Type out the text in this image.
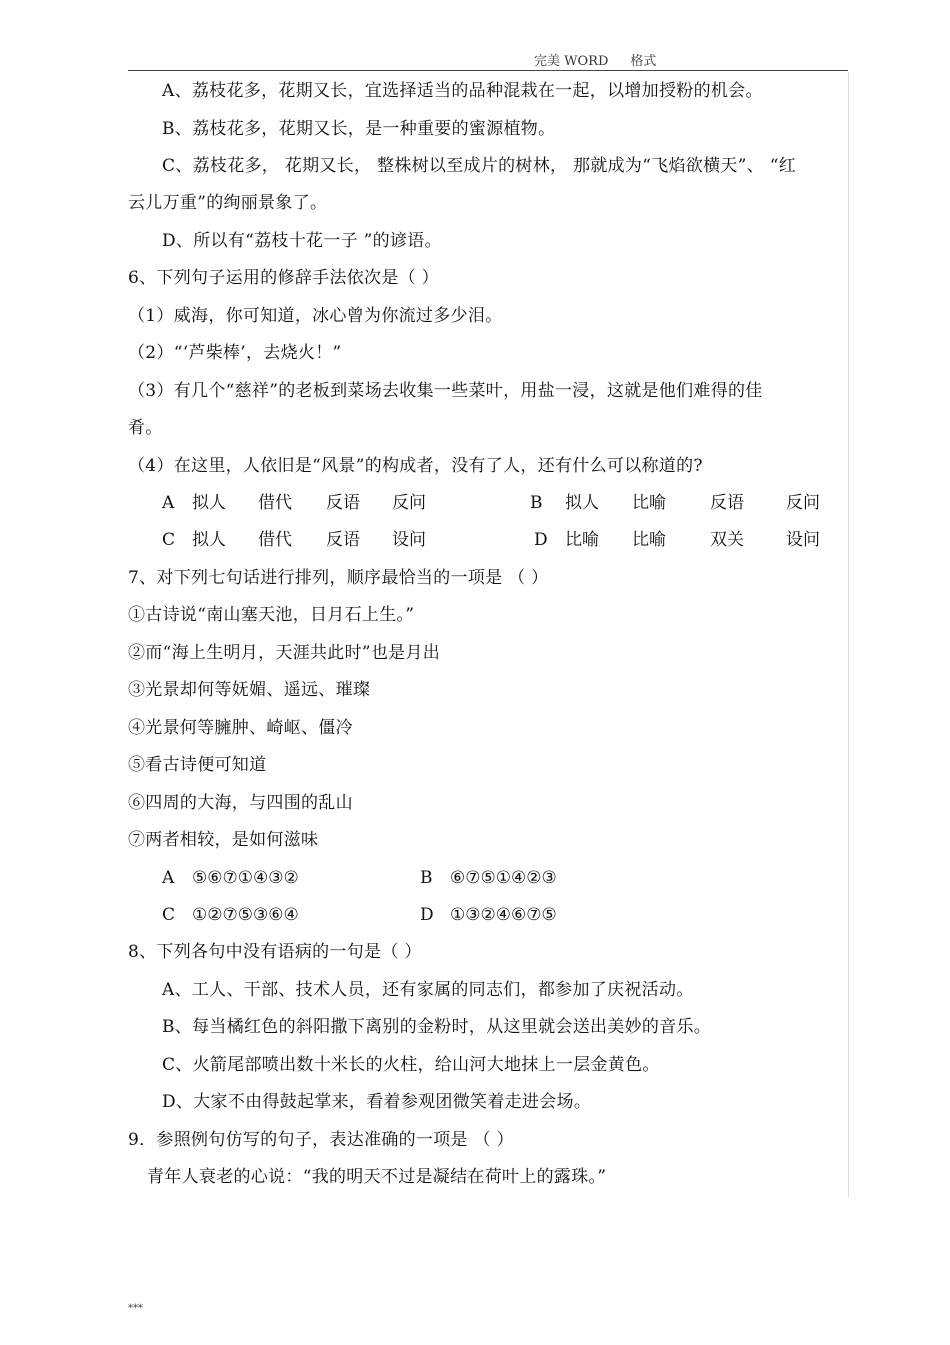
完美 WORD 格式
A、荔枝花多，花期又长，宜选择适当的品种混栽在一起，以增加授粉的机会。
B、荔枝花多，花期又长，是一种重要的蜜源植物。
C、荔枝花多， 花期又长， 整株树以至成片的树林， 那就成为“飞焰欲横天”、 “红
云儿万重”的绚丽景象了。
D、所以有“荔枝十花一子 ”的谚语。
6、下列句子运用的修辞手法依次是（ ）
（1）威海，你可知道，冰心曾为你流过多少泪。
（2）“‘芦柴棒’，去烧火！”
（3）有几个“慈祥”的老板到菜场去收集一些菜叶，用盐一浸，这就是他们难得的佳
肴。
（4）在这里，人依旧是“风景”的构成者，没有了人，还有什么可以称道的?
A 拟人 借代 反语 反问	B 拟人 比喻	反语 反问
C 拟人 借代 反语 设问	D 比喻 比喻	双关 设问
7、对下列七句话进行排列，顺序最恰当的一项是 （ ）
①古诗说“南山塞天池，日月石上生。”
②而“海上生明月，天涯共此时”也是月出
③光景却何等妩媚、遥远、璀璨
④光景何等臃肿、崎岖、僵冷
⑤看古诗便可知道
⑥四周的大海，与四围的乱山
⑦两者相较，是如何滋味
A ⑤⑥⑦①④③②	B ⑥⑦⑤①④②③
C ①②⑦⑤③⑥④	D ①③②④⑥⑦⑤
8、下列各句中没有语病的一句是（ ）
A、工人、干部、技术人员，还有家属的同志们，都参加了庆祝活动。
B、每当橘红色的斜阳撒下离别的金粉时，从这里就会送出美妙的音乐。
C、火箭尾部喷出数十米长的火柱，给山河大地抹上一层金黄色。
D、大家不由得鼓起掌来，看着参观团微笑着走进会场。
9．参照例句仿写的句子，表达准确的一项是 （ ）
青年人衰老的心说：“我的明天不过是凝结在荷叶上的露珠。”
***
